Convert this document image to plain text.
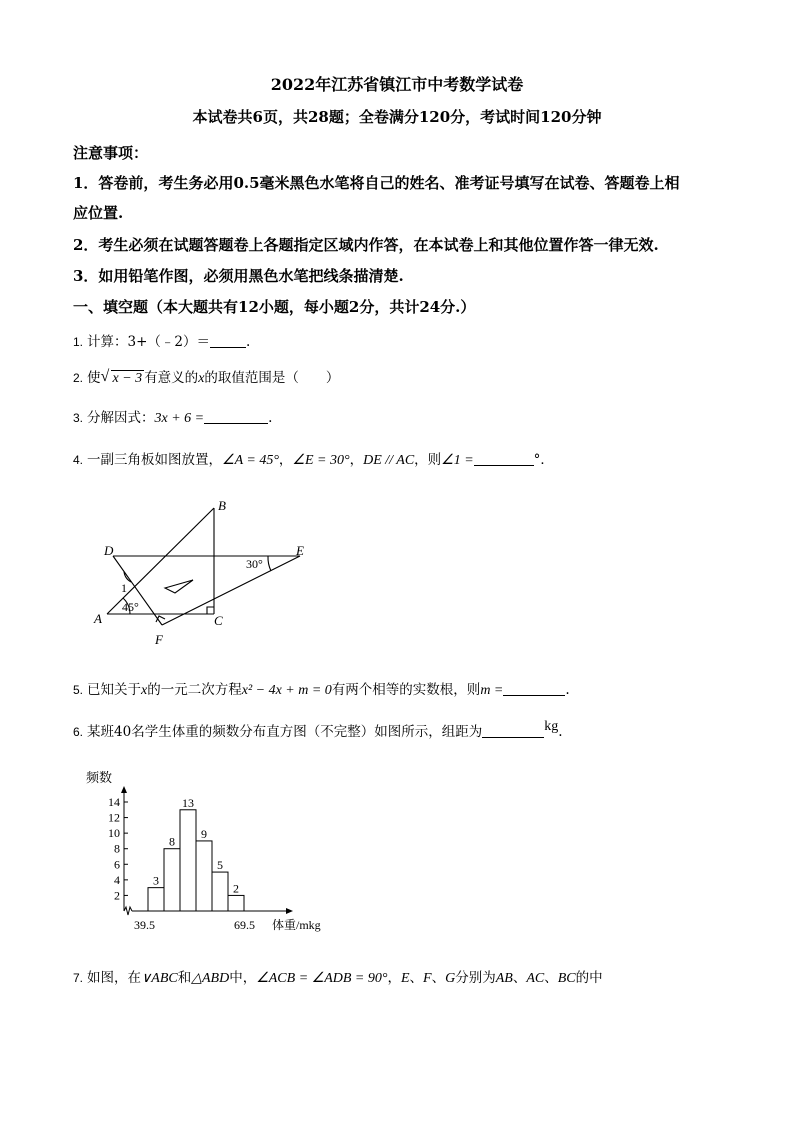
2022年江苏省镇江市中考数学试卷
本试卷共6页，共28题；全卷满分120分，考试时间120分钟
注意事项：
1．答卷前，考生务必用0.5毫米黑色水笔将自己的姓名、准考证号填写在试卷、答题卷上相
应位置.
2．考生必须在试题答题卷上各题指定区域内作答，在本试卷上和其他位置作答一律无效.
3．如用铅笔作图，必须用黑色水笔把线条描清楚.
一、填空题（本大题共有12小题，每小题2分，共计24分.）
1. 计算：3+（﹣2）＝	.
2. 使 √ x − 3 有意义的x的取值范围是（　　）
3. 分解因式：3x + 6 =	.
4. 一副三角板如图放置，∠A = 45°，∠E = 30°，DE // AC，则∠1 =	°．
B
D	E
A	C
F
1
45°
30°
5. 已知关于x的一元二次方程x² − 4x + m = 0有两个相等的实数根，则m =	.
6. 某班40名学生体重的频数分布直方图（不完整）如图所示，组距为	kg.
频数
2
4
6
8
10
12
14
3
8
13
9
5
2
39.5	69.5 体重/mkg
7. 如图，在∨ABC和△ABD中，∠ACB = ∠ADB = 90°，E、F、G分别为AB、AC、BC的中
